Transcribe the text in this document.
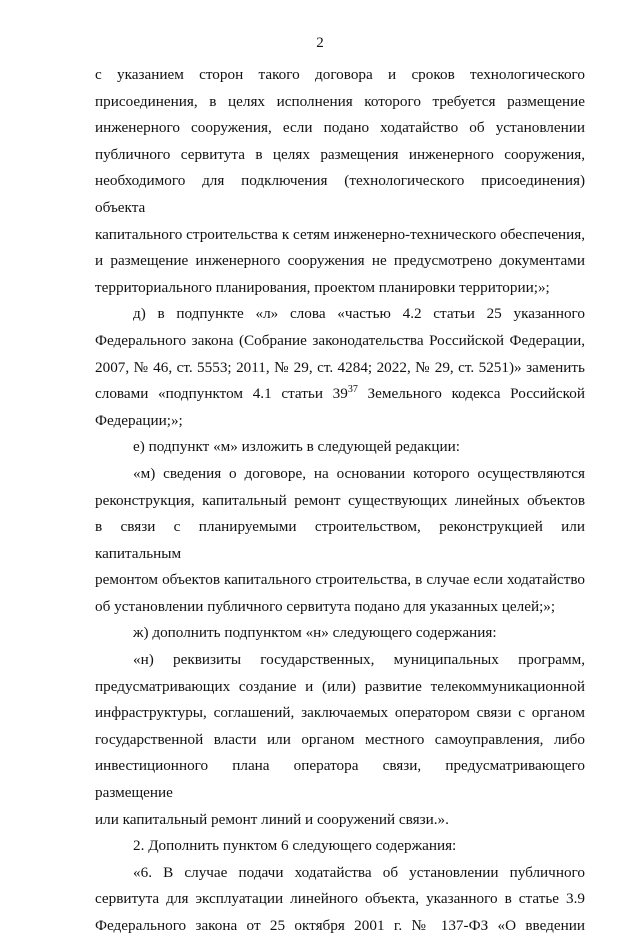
2
с указанием сторон такого договора и сроков технологического
присоединения, в целях исполнения которого требуется размещение
инженерного сооружения, если подано ходатайство об установлении
публичного сервитута в целях размещения инженерного сооружения,
необходимого для подключения (технологического присоединения) объекта
капитального строительства к сетям инженерно-технического обеспечения,
и размещение инженерного сооружения не предусмотрено документами
территориального планирования, проектом планировки территории;»;
д) в подпункте «л» слова «частью 4.2 статьи 25 указанного
Федерального закона (Собрание законодательства Российской Федерации,
2007, № 46, ст. 5553; 2011, № 29, ст. 4284; 2022, № 29, ст. 5251)» заменить
словами «подпунктом 4.1 статьи $39^{37}$ Земельного кодекса Российской
Федерации;»;
е) подпункт «м» изложить в следующей редакции:
«м) сведения о договоре, на основании которого осуществляются
реконструкция, капитальный ремонт существующих линейных объектов
в связи с планируемыми строительством, реконструкцией или капитальным
ремонтом объектов капитального строительства, в случае если ходатайство
об установлении публичного сервитута подано для указанных целей;»;
ж) дополнить подпунктом «н» следующего содержания:
«н) реквизиты государственных, муниципальных программ,
предусматривающих создание и (или) развитие телекоммуникационной
инфраструктуры, соглашений, заключаемых оператором связи с органом
государственной власти или органом местного самоуправления, либо
инвестиционного плана оператора связи, предусматривающего размещение
или капитальный ремонт линий и сооружений связи.».
2. Дополнить пунктом 6 следующего содержания:
«6. В случае подачи ходатайства об установлении публичного
сервитута для эксплуатации линейного объекта, указанного в статье 3.9
Федерального закона от 25 октября 2001 г. № 137-ФЗ «О введении
